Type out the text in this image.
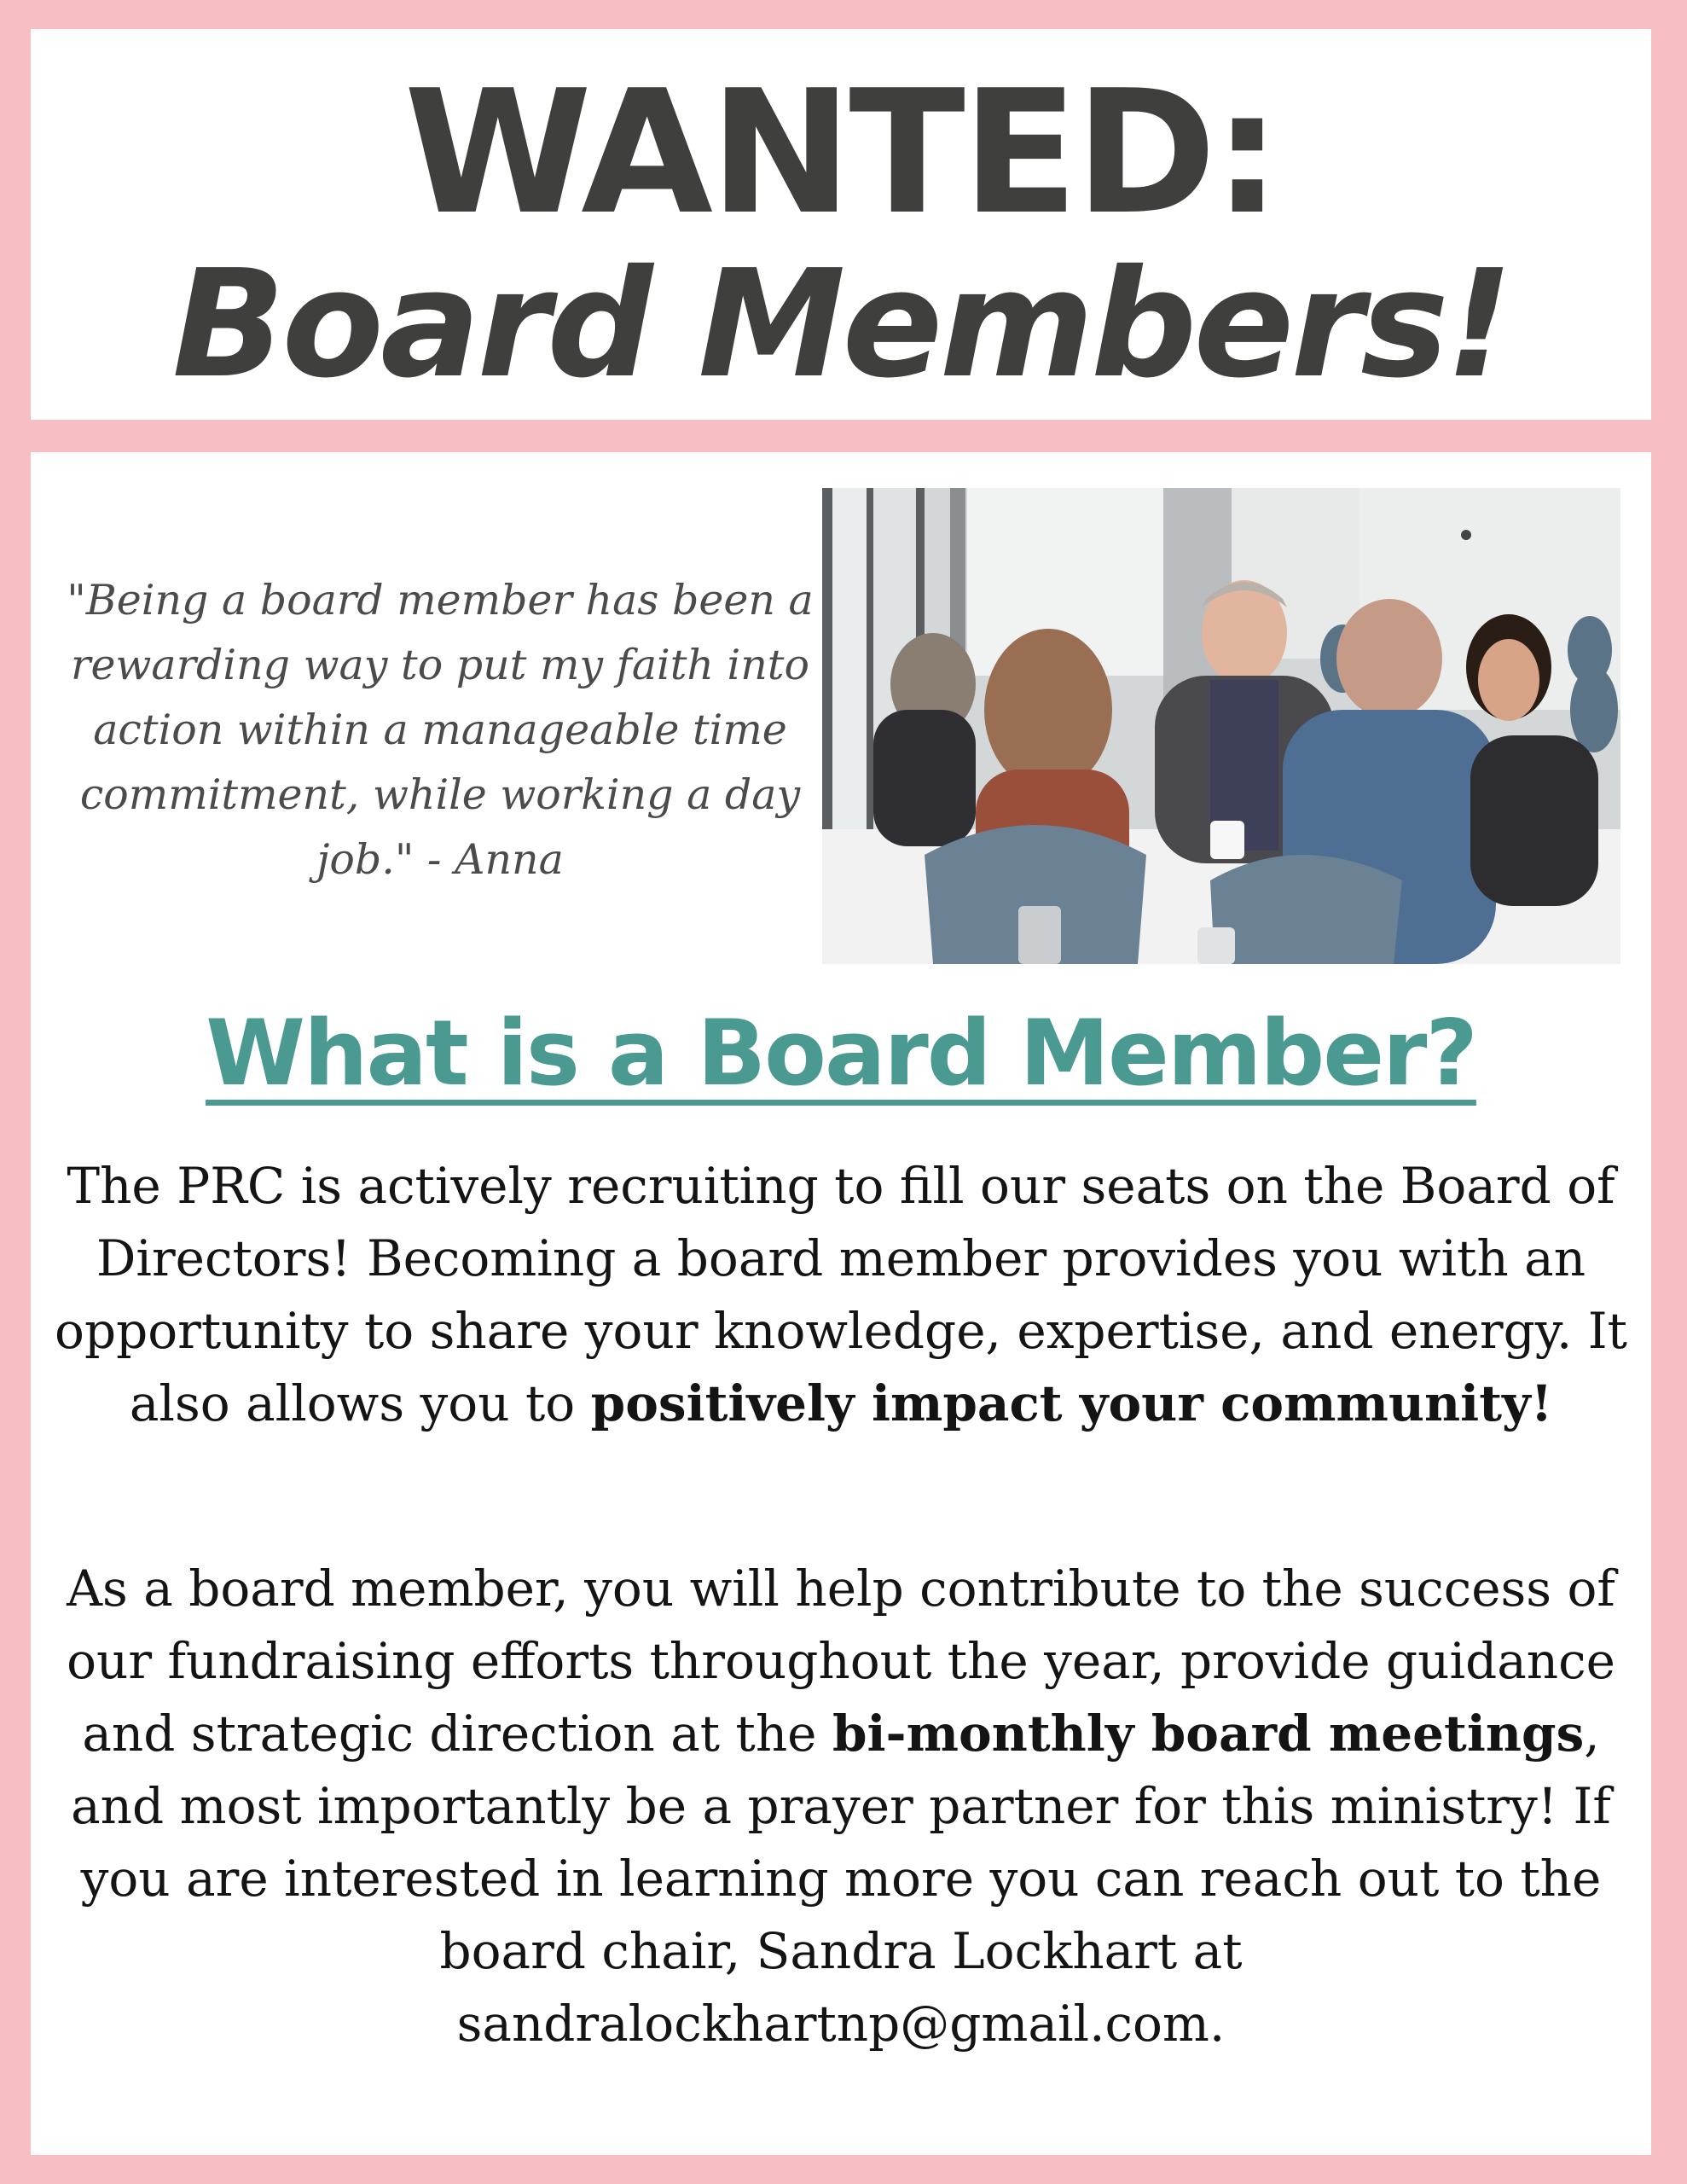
WANTED:
Board Members!
"Being a board member has been a rewarding way to put my faith into action within a manageable time commitment, while working a day job." - Anna
What is a Board Member?
The PRC is actively recruiting to fill our seats on the Board of Directors! Becoming a board member provides you with an opportunity to share your knowledge, expertise, and energy. It also allows you to positively impact your community!
As a board member, you will help contribute to the success of our fundraising efforts throughout the year, provide guidance and strategic direction at the bi-monthly board meetings, and most importantly be a prayer partner for this ministry! If you are interested in learning more you can reach out to the board chair, Sandra Lockhart at sandralockhartnp@gmail.com.
